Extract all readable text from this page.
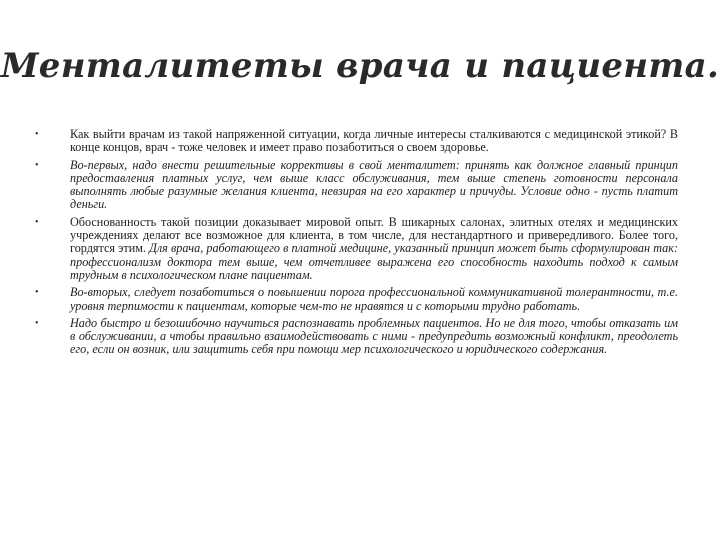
Менталитеты врача и пациента.
•	Как выйти врачам из такой напряженной ситуации, когда личные интересы сталкиваются с медицинской этикой? В конце концов, врач - тоже человек и имеет право позаботиться о своем здоровье.
•	Во-первых, надо внести решительные коррективы в свой менталитет: принять как должное главный принцип предоставления платных услуг, чем выше класс обслуживания, тем выше степень готовности персонала выполнять любые разумные желания клиента, невзирая на его характер и причуды. Условие одно - пусть платит деньги.
•	Обоснованность такой позиции доказывает мировой опыт. В шикарных салонах, элитных отелях и медицинских учреждениях делают все возможное для клиента, в том числе, для нестандартного и привередливого. Более того, гордятся этим. Для врача, работающего в платной медицине, указанный принцип может быть сформулирован так: профессионализм доктора тем выше, чем отчетливее выражена его способность находить подход к самым трудным в психологическом плане пациентам.
•	Во-вторых, следует позаботиться о повышении порога профессиональной коммуникативной толерантности, т.е. уровня терпимости к пациентам, которые чем-то не нравятся и с которыми трудно работать.
•	Надо быстро и безошибочно научиться распознавать проблемных пациентов. Но не для того, чтобы отказать им в обслуживании, а чтобы правильно взаимодействовать с ними - предупредить возможный конфликт, преодолеть его, если он возник, или защитить себя при помощи мер психологического и юридического содержания.
